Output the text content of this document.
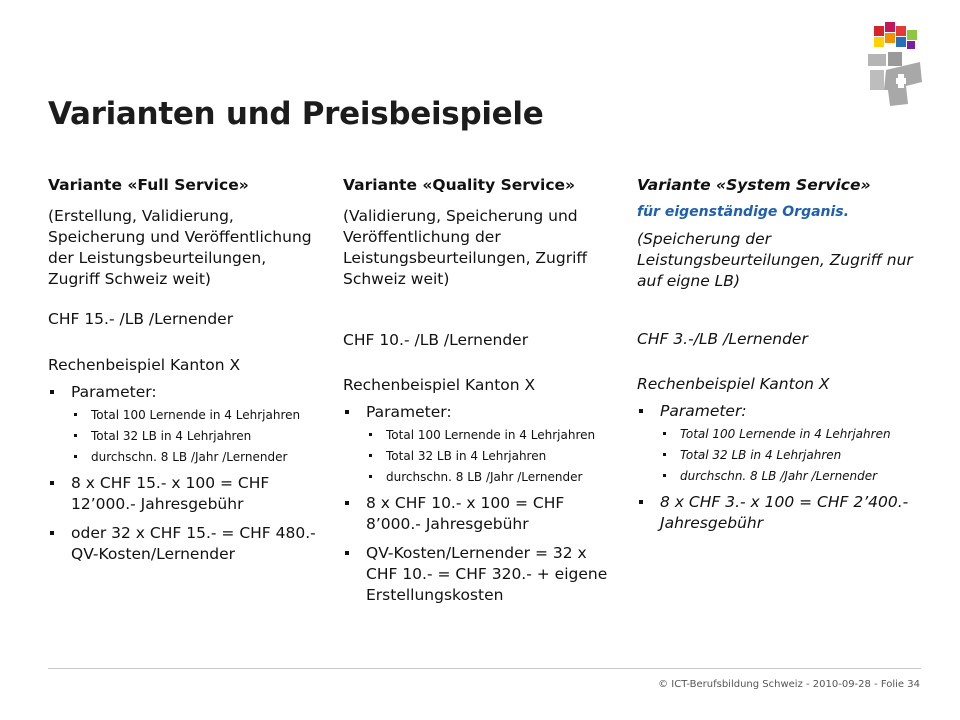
Varianten und Preisbeispiele

Variante «Full Service»

(Erstellung, Validierung, Speicherung und Veröffentlichung der Leistungsbeurteilungen, Zugriff Schweiz weit)

CHF 15.- /LB /Lernender
Rechenbeispiel Kanton X
Parameter:
Total 100 Lernende in 4 Lehrjahren
Total 32 LB in 4 Lehrjahren
durchschn. 8 LB /Jahr /Lernender
8 x CHF 15.- x 100 = CHF 12’000.- Jahresgebühr
oder 32 x CHF 15.- = CHF 480.- QV-Kosten/Lernender

Variante «Quality Service»

(Validierung, Speicherung und Veröffentlichung der Leistungsbeurteilungen, Zugriff Schweiz weit)

CHF 10.- /LB /Lernender
Rechenbeispiel Kanton X
Parameter:
Total 100 Lernende in 4 Lehrjahren
Total 32 LB in 4 Lehrjahren
durchschn. 8 LB /Jahr /Lernender
8 x CHF 10.- x 100 = CHF 8’000.- Jahresgebühr
QV-Kosten/Lernender = 32 x CHF 10.- = CHF 320.- + eigene Erstellungskosten

Variante «System Service»

für eigenständige Organis.

(Speicherung der Leistungsbeurteilungen, Zugriff nur auf eigne LB)

CHF 3.-/LB /Lernender
Rechenbeispiel Kanton X
Parameter:
Total 100 Lernende in 4 Lehrjahren
Total 32 LB in 4 Lehrjahren
durchschn. 8 LB /Jahr /Lernender
8 x CHF 3.- x 100 = CHF 2’400.- Jahresgebühr
© ICT-Berufsbildung Schweiz - 2010-09-28 - Folie 34
